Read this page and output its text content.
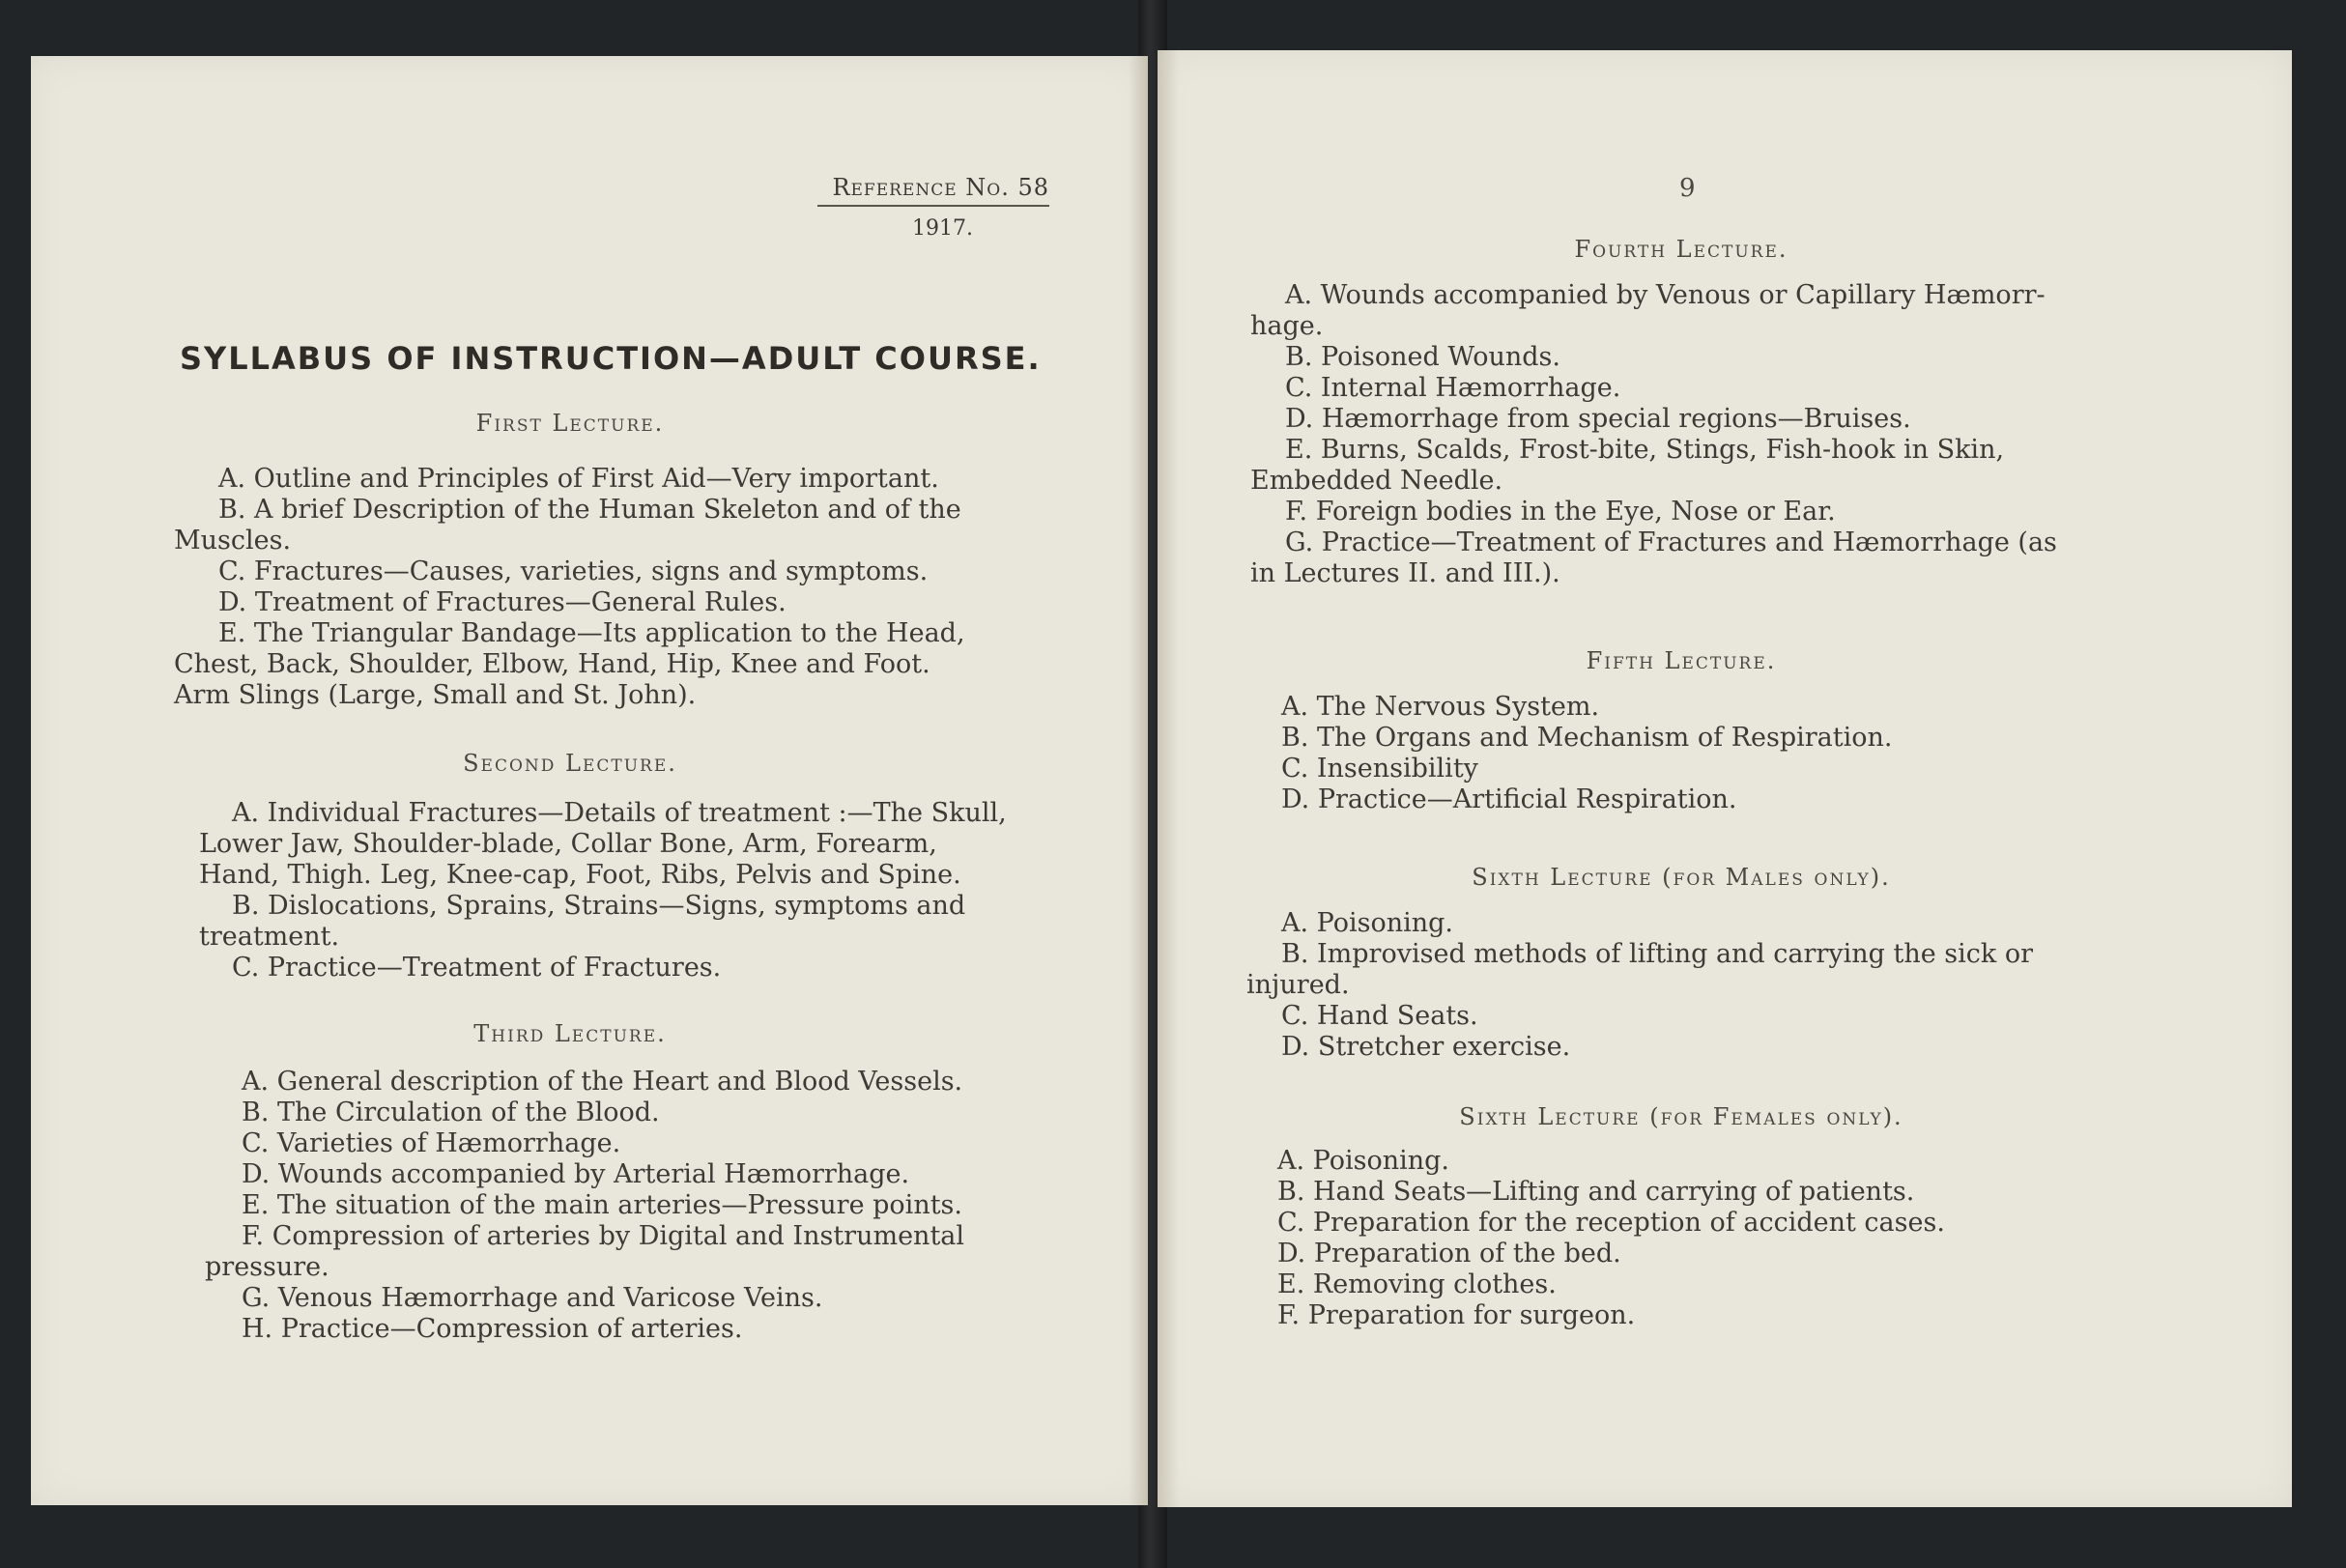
Reference No. 58
1917.
SYLLABUS OF INSTRUCTION—ADULT COURSE.
First Lecture.
A. Outline and Principles of First Aid—Very important.
B. A brief Description of the Human Skeleton and of the
Muscles.
C. Fractures—Causes, varieties, signs and symptoms.
D. Treatment of Fractures—General Rules.
E. The Triangular Bandage—Its application to the Head,
Chest, Back, Shoulder, Elbow, Hand, Hip, Knee and Foot.
Arm Slings (Large, Small and St. John).
Second Lecture.
A. Individual Fractures—Details of treatment :—The Skull,
Lower Jaw, Shoulder-blade, Collar Bone, Arm, Forearm,
Hand, Thigh. Leg, Knee-cap, Foot, Ribs, Pelvis and Spine.
B. Dislocations, Sprains, Strains—Signs, symptoms and
treatment.
C. Practice—Treatment of Fractures.
Third Lecture.
A. General description of the Heart and Blood Vessels.
B. The Circulation of the Blood.
C. Varieties of Hæmorrhage.
D. Wounds accompanied by Arterial Hæmorrhage.
E. The situation of the main arteries—Pressure points.
F. Compression of arteries by Digital and Instrumental
pressure.
G. Venous Hæmorrhage and Varicose Veins.
H. Practice—Compression of arteries.
9
Fourth Lecture.
A. Wounds accompanied by Venous or Capillary Hæmorr-
hage.
B. Poisoned Wounds.
C. Internal Hæmorrhage.
D. Hæmorrhage from special regions—Bruises.
E. Burns, Scalds, Frost-bite, Stings, Fish-hook in Skin,
Embedded Needle.
F. Foreign bodies in the Eye, Nose or Ear.
G. Practice—Treatment of Fractures and Hæmorrhage (as
in Lectures II. and III.).
Fifth Lecture.
A. The Nervous System.
B. The Organs and Mechanism of Respiration.
C. Insensibility
D. Practice—Artificial Respiration.
Sixth Lecture (for Males only).
A. Poisoning.
B. Improvised methods of lifting and carrying the sick or
injured.
C. Hand Seats.
D. Stretcher exercise.
Sixth Lecture (for Females only).
A. Poisoning.
B. Hand Seats—Lifting and carrying of patients.
C. Preparation for the reception of accident cases.
D. Preparation of the bed.
E. Removing clothes.
F. Preparation for surgeon.
